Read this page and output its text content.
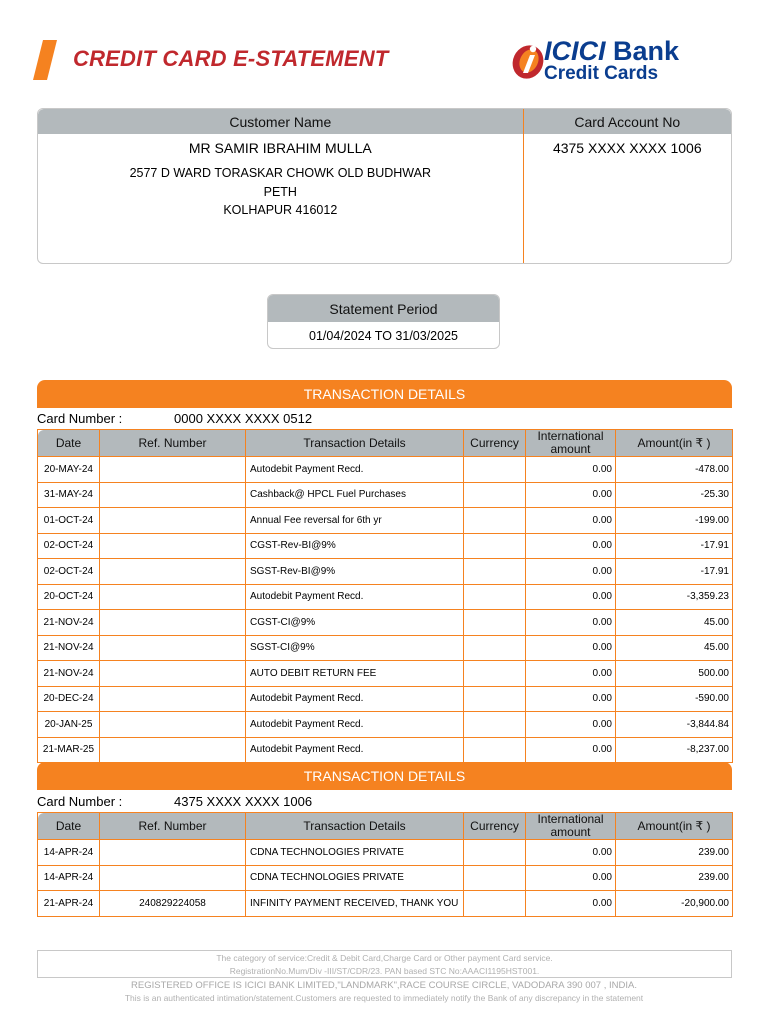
CREDIT CARD E-STATEMENT	ICICI Bank
Credit Cards
Customer Name	Card Account No
MR SAMIR IBRAHIM MULLA
2577 D WARD TORASKAR CHOWK OLD BUDHWAR
PETH
KOLHAPUR 416012
4375 XXXX XXXX 1006
Statement Period
01/04/2024 TO 31/03/2025
TRANSACTION DETAILS
Card Number :	0000 XXXX XXXX 0512
Date	Ref. Number	Transaction Details	Currency	International amount	Amount(in ₹ )
20-MAY-24		Autodebit Payment Recd.		0.00	-478.00
31-MAY-24		Cashback@ HPCL Fuel Purchases		0.00	-25.30
01-OCT-24		Annual Fee reversal for 6th yr		0.00	-199.00
02-OCT-24		CGST-Rev-BI@9%		0.00	-17.91
02-OCT-24		SGST-Rev-BI@9%		0.00	-17.91
20-OCT-24		Autodebit Payment Recd.		0.00	-3,359.23
21-NOV-24		CGST-CI@9%		0.00	45.00
21-NOV-24		SGST-CI@9%		0.00	45.00
21-NOV-24		AUTO DEBIT RETURN FEE		0.00	500.00
20-DEC-24		Autodebit Payment Recd.		0.00	-590.00
20-JAN-25		Autodebit Payment Recd.		0.00	-3,844.84
21-MAR-25		Autodebit Payment Recd.		0.00	-8,237.00
TRANSACTION DETAILS
Card Number :	4375 XXXX XXXX 1006
Date	Ref. Number	Transaction Details	Currency	International amount	Amount(in ₹ )
14-APR-24		CDNA TECHNOLOGIES PRIVATE		0.00	239.00
14-APR-24		CDNA TECHNOLOGIES PRIVATE		0.00	239.00
21-APR-24	240829224058	INFINITY PAYMENT RECEIVED, THANK YOU		0.00	-20,900.00
The category of service:Credit & Debit Card,Charge Card or Other payment Card service.
RegistrationNo.Mum/Div -III/ST/CDR/23. PAN based STC No:AAACI1195HST001.
REGISTERED OFFICE IS ICICI BANK LIMITED,"LANDMARK",RACE COURSE CIRCLE, VADODARA 390 007 , INDIA.
This is an authenticated intimation/statement.Customers are requested to immediately notify the Bank of any discrepancy in the statement
